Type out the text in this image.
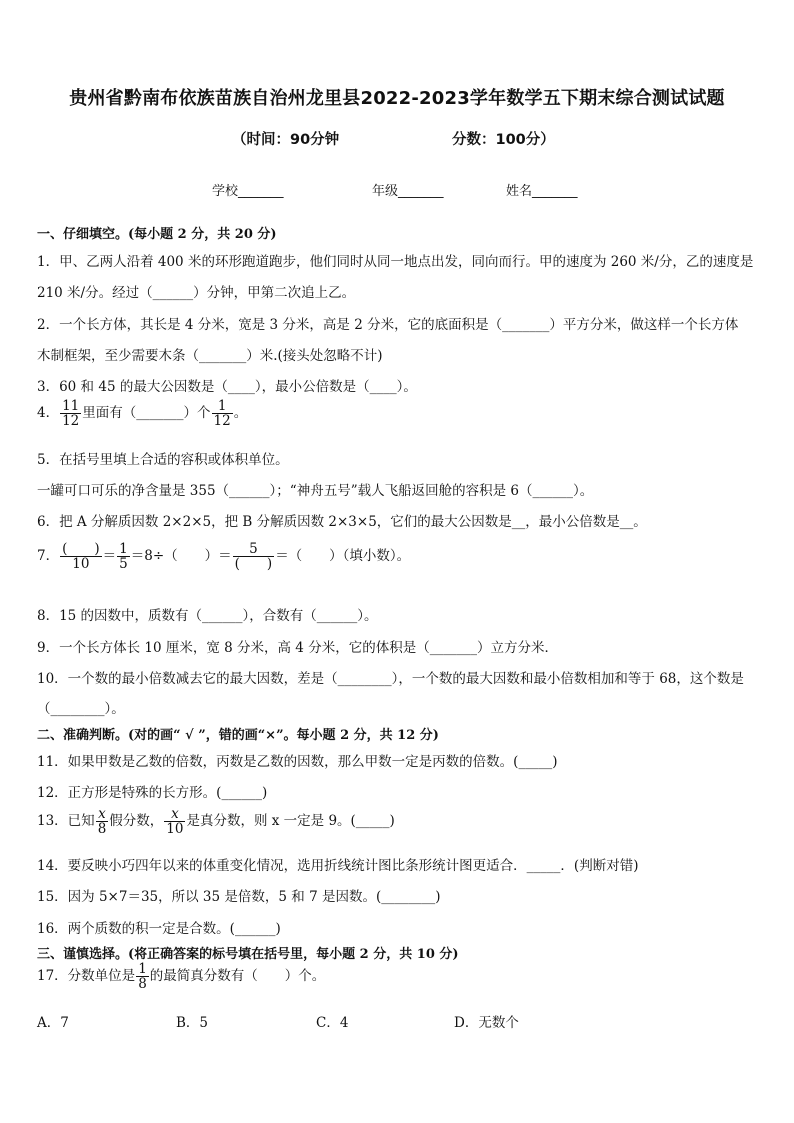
贵州省黔南布依族苗族自治州龙里县2022-2023学年数学五下期末综合测试试题
（时间：90分钟	分数：100分）
学校_______	年级_______	姓名_______
一、仔细填空。(每小题 2 分，共 20 分)
1．甲、乙两人沿着 400 米的环形跑道跑步，他们同时从同一地点出发，同向而行。甲的速度为 260 米/分，乙的速度是
210 米/分。经过（______）分钟，甲第二次追上乙。
2．一个长方体，其长是 4 分米，宽是 3 分米，高是 2 分米，它的底面积是（_______）平方分米，做这样一个长方体
木制框架，至少需要木条（_______）米.(接头处忽略不计)
3．60 和 45 的最大公因数是（____），最小公倍数是（____）。
4． $\frac{11}{12}$ 里面有（_______）个 $\frac{1}{12}$ 。
5．在括号里填上合适的容积或体积单位。
一罐可口可乐的净含量是 355（______）；“神舟五号”载人飞船返回舱的容积是 6（______）。
6．把 A 分解质因数 2×2×5，把 B 分解质因数 2×3×5，它们的最大公因数是__，最小公倍数是__。
7． $\frac{( )}{10} = \frac{1}{5} =8\div$（　　）＝ $\frac{5}{( )}$ ＝（　　）（填小数）。
8．15 的因数中，质数有（______），合数有（______）。
9．一个长方体长 10 厘米，宽 8 分米，高 4 分米，它的体积是（_______）立方分米．
10．一个数的最小倍数减去它的最大因数，差是（________），一个数的最大因数和最小倍数相加和等于 68，这个数是
（________）。
二、准确判断。(对的画“ √ ”，错的画“×”。每小题 2 分，共 12 分)
11．如果甲数是乙数的倍数，丙数是乙数的因数，那么甲数一定是丙数的倍数。(_____)
12．正方形是特殊的长方形。(______)
13．已知 $\frac{x}{8}$ 假分数， $\frac{x}{10}$ 是真分数，则 x 一定是 9。(_____)
14．要反映小巧四年以来的体重变化情况，选用折线统计图比条形统计图更适合．_____．(判断对错)
15．因为 5×7＝35，所以 35 是倍数，5 和 7 是因数。(________)
16．两个质数的积一定是合数。(______)
三、谨慎选择。(将正确答案的标号填在括号里，每小题 2 分，共 10 分)
17．分数单位是 $\frac{1}{8}$ 的最简真分数有（　　）个。
A．7	B．5	C．4	D．无数个
